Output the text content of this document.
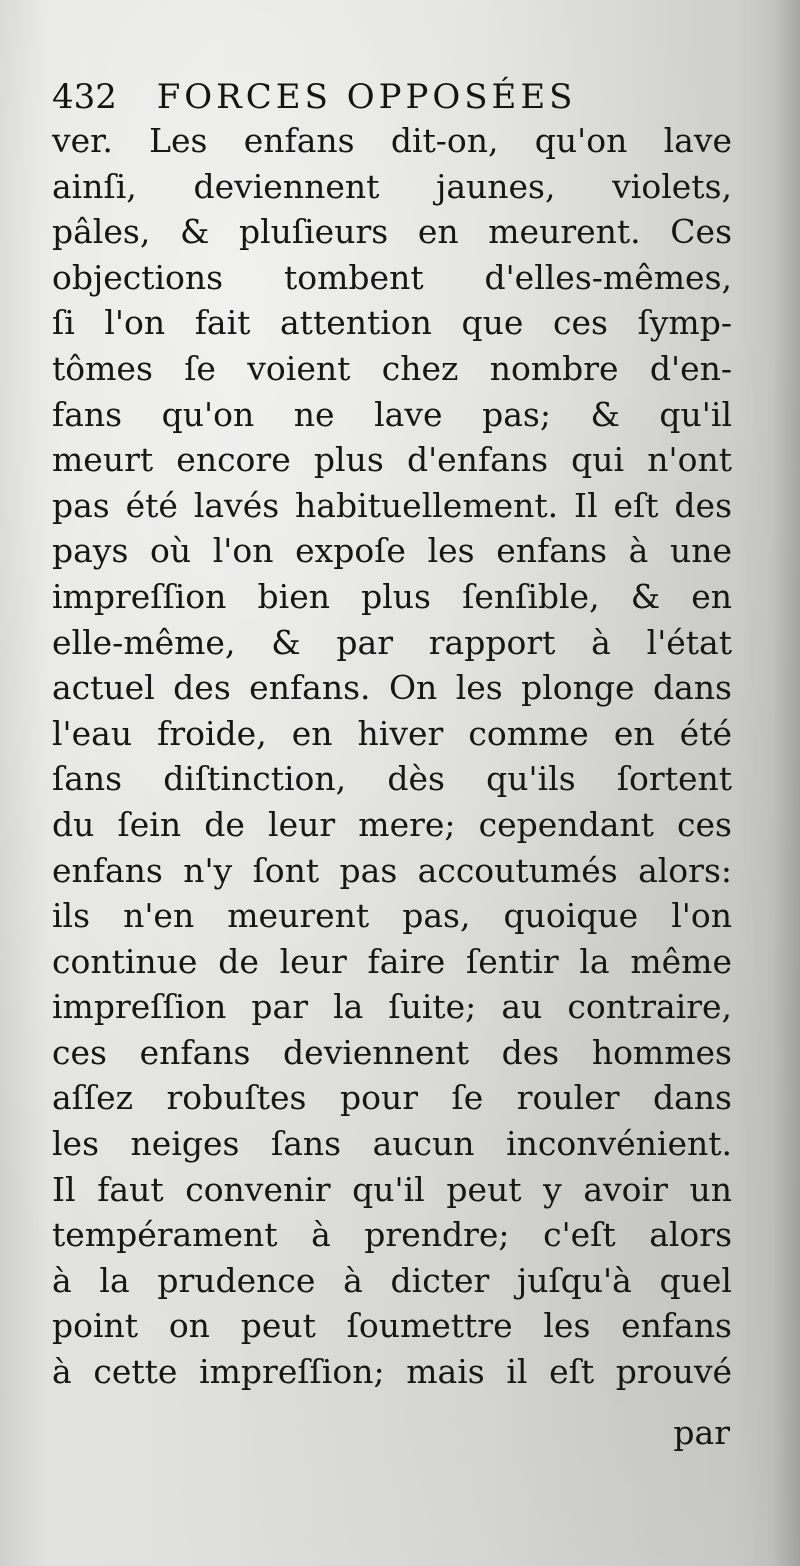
432 FORCES OPPOSÉES
ver. Les enfans dit-on, qu'on lave
ainſi, deviennent jaunes, violets,
pâles, & pluſieurs en meurent. Ces
objections tombent d'elles-mêmes,
ſi l'on fait attention que ces ſymp-
tômes ſe voient chez nombre d'en-
fans qu'on ne lave pas; & qu'il
meurt encore plus d'enfans qui n'ont
pas été lavés habituellement. Il eſt des
pays où l'on expoſe les enfans à une
impreſſion bien plus ſenſible, & en
elle-même, & par rapport à l'état
actuel des enfans. On les plonge dans
l'eau froide, en hiver comme en été
ſans diſtinction, dès qu'ils ſortent
du ſein de leur mere; cependant ces
enfans n'y ſont pas accoutumés alors:
ils n'en meurent pas, quoique l'on
continue de leur faire ſentir la même
impreſſion par la ſuite; au contraire,
ces enfans deviennent des hommes
aſſez robuſtes pour ſe rouler dans
les neiges ſans aucun inconvénient.
Il faut convenir qu'il peut y avoir un
tempérament à prendre; c'eſt alors
à la prudence à dicter juſqu'à quel
point on peut ſoumettre les enfans
à cette impreſſion; mais il eſt prouvé
par
